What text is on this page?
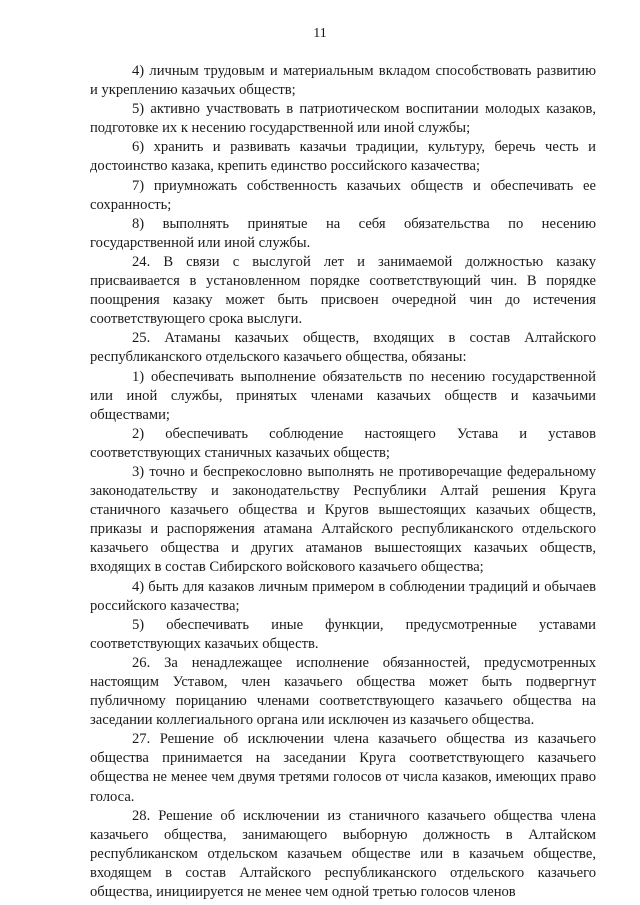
11

4) личным трудовым и материальным вкладом способствовать развитию и укреплению казачьих обществ;

5) активно участвовать в патриотическом воспитании молодых казаков, подготовке их к несению государственной или иной службы;

6) хранить и развивать казачьи традиции, культуру, беречь честь и достоинство казака, крепить единство российского казачества;

7) приумножать собственность казачьих обществ и обеспечивать ее сохранность;

8) выполнять принятые на себя обязательства по несению государственной или иной службы.

24. В связи с выслугой лет и занимаемой должностью казаку присваивается в установленном порядке соответствующий чин. В порядке поощрения казаку может быть присвоен очередной чин до истечения соответствующего срока выслуги.

25. Атаманы казачьих обществ, входящих в состав Алтайского республиканского отдельского казачьего общества, обязаны:

1) обеспечивать выполнение обязательств по несению государственной или иной службы, принятых членами казачьих обществ и казачьими обществами;

2) обеспечивать соблюдение настоящего Устава и уставов соответствующих станичных казачьих обществ;

3) точно и беспрекословно выполнять не противоречащие федеральному законодательству и законодательству Республики Алтай решения Круга станичного казачьего общества и Кругов вышестоящих казачьих обществ, приказы и распоряжения атамана Алтайского республиканского отдельского казачьего общества и других атаманов вышестоящих казачьих обществ, входящих в состав Сибирского войскового казачьего общества;

4) быть для казаков личным примером в соблюдении традиций и обычаев российского казачества;

5) обеспечивать иные функции, предусмотренные уставами соответствующих казачьих обществ.

26. За ненадлежащее исполнение обязанностей, предусмотренных настоящим Уставом, член казачьего общества может быть подвергнут публичному порицанию членами соответствующего казачьего общества на заседании коллегиального органа или исключен из казачьего общества.

27. Решение об исключении члена казачьего общества из казачьего общества принимается на заседании Круга соответствующего казачьего общества не менее чем двумя третями голосов от числа казаков, имеющих право голоса.

28. Решение об исключении из станичного казачьего общества члена казачьего общества, занимающего выборную должность в Алтайском республиканском отдельском казачьем обществе или в казачьем обществе, входящем в состав Алтайского республиканского отдельского казачьего общества, инициируется не менее чем одной третью голосов членов
